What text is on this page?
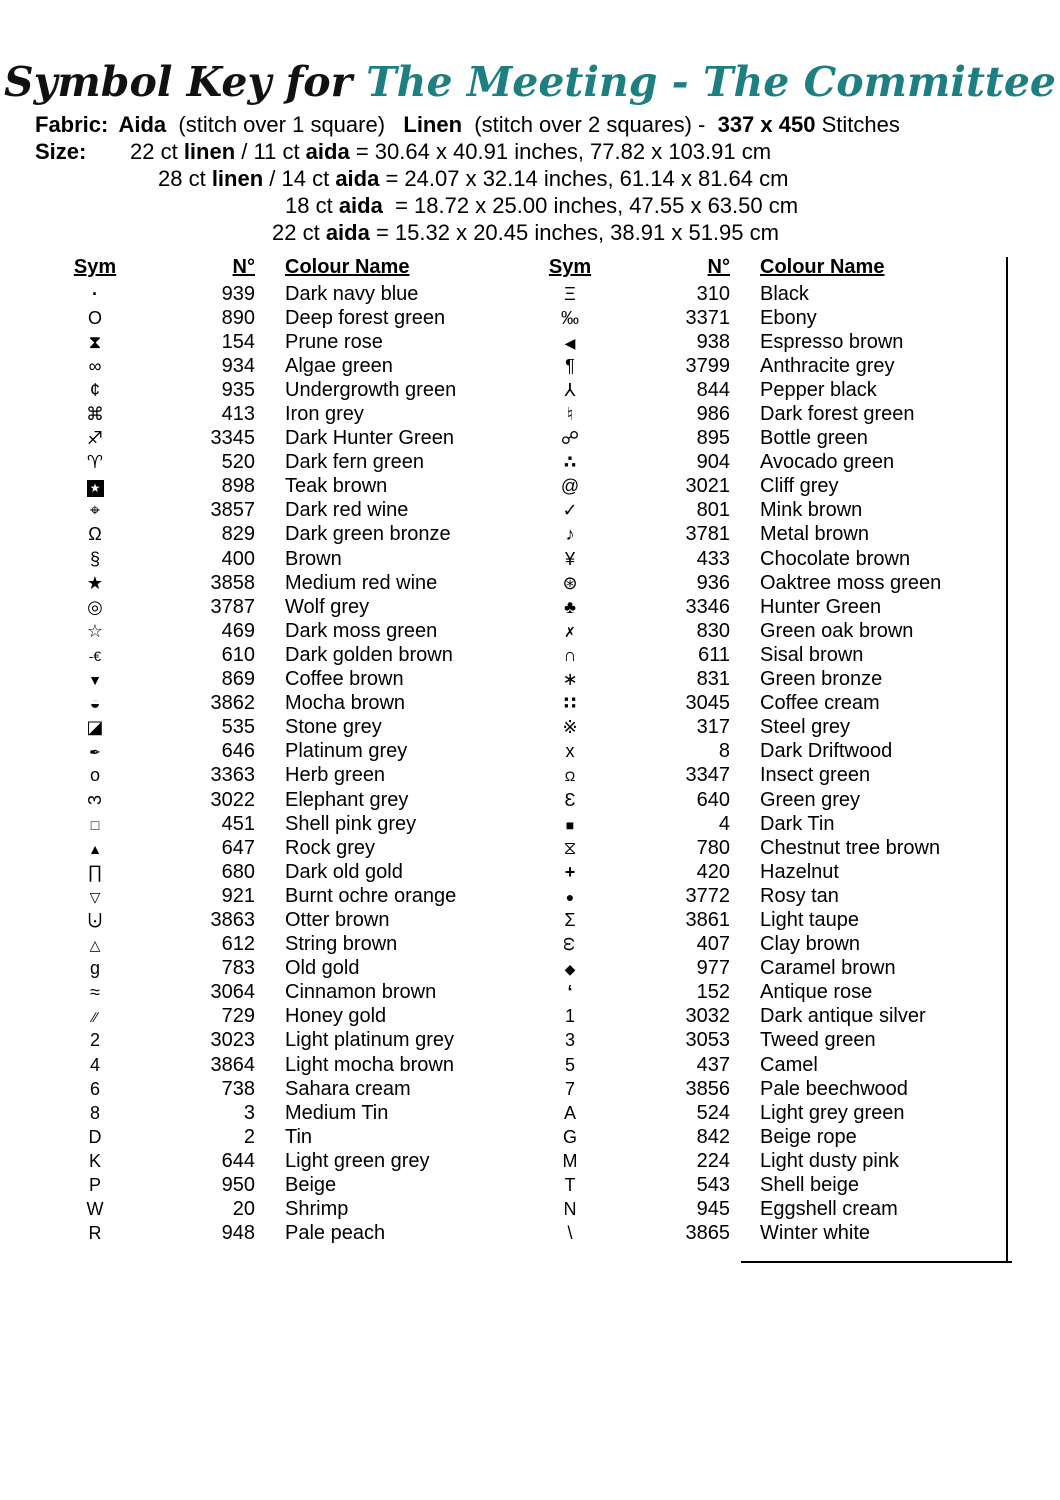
Symbol Key for The Meeting - The Committee
Fabric: Aida  (stitch over 1 square)   Linen  (stitch over 2 squares) -  337 x 450 Stitches
Size:	22 ct linen / 11 ct aida = 30.64 x 40.91 inches, 77.82 x 103.91 cm
28 ct linen / 14 ct aida = 24.07 x 32.14 inches, 61.14 x 81.64 cm
18 ct aida  = 18.72 x 25.00 inches, 47.55 x 63.50 cm
22 ct aida = 15.32 x 20.45 inches, 38.91 x 51.95 cm
Sym	N° Colour Name
·	939 Dark navy blue
O	890 Deep forest green
⧗	154 Prune rose
∞	934 Algae green
¢	935 Undergrowth green
⌘	413 Iron grey
♐	3345 Dark Hunter Green
♈	520 Dark fern green
★	898 Teak brown
⌖	3857 Dark red wine
Ω	829 Dark green bronze
§	400 Brown
★	3858 Medium red wine
◎	3787 Wolf grey
☆	469 Dark moss green
-€	610 Dark golden brown
▼	869 Coffee brown
◒	3862 Mocha brown
◪	535 Stone grey
✒	646 Platinum grey
o	3363 Herb green
3	3022 Elephant grey
□	451 Shell pink grey
▲	647 Rock grey
∏	680 Dark old gold
▽	921 Burnt ochre orange
⨃	3863 Otter brown
△	612 String brown
g	783 Old gold
≈	3064 Cinnamon brown
∕∕	729 Honey gold
2	3023 Light platinum grey
4	3864 Light mocha brown
6	738 Sahara cream
8	3 Medium Tin
D	2 Tin
K	644 Light green grey
P	950 Beige
W	20 Shrimp
R	948 Pale peach
Sym	N° Colour Name
Ξ	310 Black
‰	3371 Ebony
◀	938 Espresso brown
¶	3799 Anthracite grey
⅄	844 Pepper black
♮	986 Dark forest green
☍	895 Bottle green
∴	904 Avocado green
@	3021 Cliff grey
✓	801 Mink brown
♪	3781 Metal brown
¥	433 Chocolate brown
⊛	936 Oaktree moss green
♣	3346 Hunter Green
✗	830 Green oak brown
∩	611 Sisal brown
∗	831 Green bronze
∷	3045 Coffee cream
※	317 Steel grey
x	8 Dark Driftwood
Ω	3347 Insect green
Ɛ	640 Green grey
■	4 Dark Tin
⧖	780 Chestnut tree brown
+	420 Hazelnut
●	3772 Rosy tan
Σ	3861 Light taupe
ω	407 Clay brown
◆	977 Caramel brown
‘	152 Antique rose
1	3032 Dark antique silver
3	3053 Tweed green
5	437 Camel
7	3856 Pale beechwood
A	524 Light grey green
G	842 Beige rope
M	224 Light dusty pink
T	543 Shell beige
N	945 Eggshell cream
\	3865 Winter white
